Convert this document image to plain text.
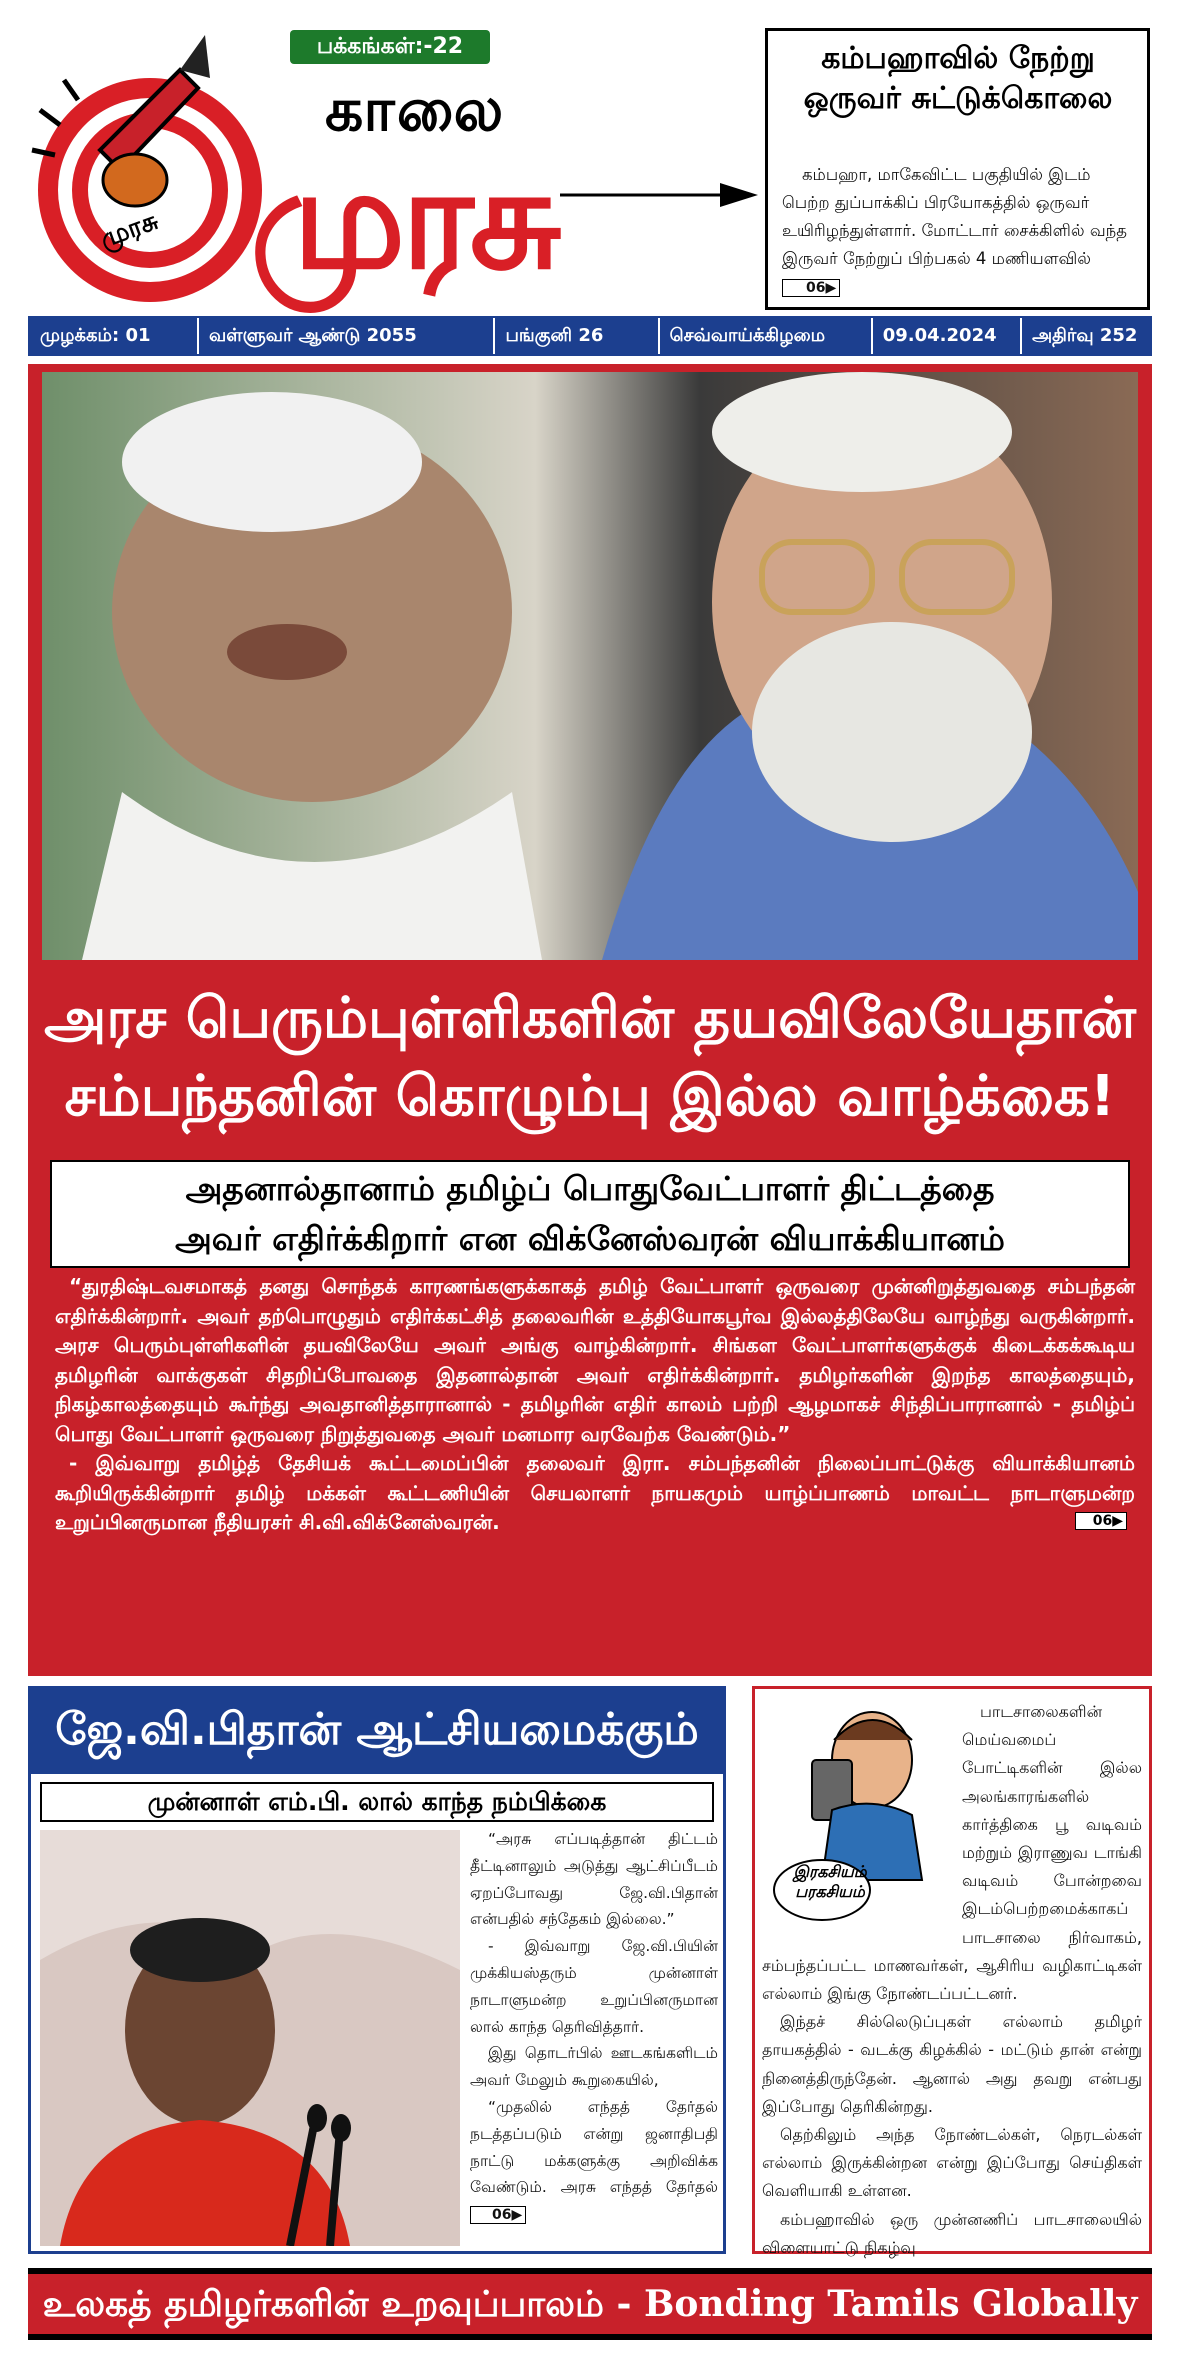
பக்கங்கள்:-22
முரசு
காலை
முரசு
கம்பஹாவில் நேற்று ஒருவர் சுட்டுக்கொலை
கம்பஹா, மாகேவிட்ட பகுதியில் இடம் பெற்ற துப்பாக்கிப் பிரயோகத்தில் ஒருவர் உயிரிழந்துள்ளார். மோட்டார் சைக்கிளில் வந்த இருவர் நேற்றுப் பிற்பகல் 4 மணியளவில் 06▶
முழக்கம்: 01	வள்ளுவர் ஆண்டு 2055	பங்குனி 26	செவ்வாய்க்கிழமை	09.04.2024	அதிர்வு 252
அரச பெரும்புள்ளிகளின் தயவிலேயேதான்
சம்பந்தனின் கொழும்பு இல்ல வாழ்க்கை!
அதனால்தானாம் தமிழ்ப் பொதுவேட்பாளர் திட்டத்தை
அவர் எதிர்க்கிறார் என விக்னேஸ்வரன் வியாக்கியானம்

“துரதிஷ்டவசமாகத் தனது சொந்தக் காரணங்களுக்காகத் தமிழ் வேட்பாளர் ஒருவரை முன்னிறுத்துவதை சம்பந்தன் எதிர்க்கின்றார். அவர் தற்பொழுதும் எதிர்க்கட்சித் தலைவரின் உத்தியோகபூர்வ இல்லத்திலேயே வாழ்ந்து வருகின்றார். அரச பெரும்புள்ளிகளின் தயவிலேயே அவர் அங்கு வாழ்கின்றார். சிங்கள வேட்பாளர்களுக்குக் கிடைக்கக்கூடிய தமிழரின் வாக்குகள் சிதறிப்போவதை இதனால்தான் அவர் எதிர்க்கின்றார். தமிழர்களின் இறந்த காலத்தையும், நிகழ்காலத்தையும் கூர்ந்து அவதானித்தாரானால் - தமிழரின் எதிர் காலம் பற்றி ஆழமாகச் சிந்திப்பாரானால் - தமிழ்ப் பொது வேட்பாளர் ஒருவரை நிறுத்துவதை அவர் மனமார வரவேற்க வேண்டும்.”

- இவ்வாறு தமிழ்த் தேசியக் கூட்டமைப்பின் தலைவர் இரா. சம்பந்தனின் நிலைப்பாட்டுக்கு வியாக்கியானம் கூறியிருக்கின்றார் தமிழ் மக்கள் கூட்டணியின் செயலாளர் நாயகமும் யாழ்ப்பாணம் மாவட்ட நாடாளுமன்ற உறுப்பினருமான நீதியரசர் சி.வி.விக்னேஸ்வரன்.	06▶

ஜே.வி.பிதான் ஆட்சியமைக்கும்
முன்னாள் எம்.பி. லால் காந்த நம்பிக்கை

“அரசு எப்படித்தான் திட்டம் தீட்டினாலும் அடுத்து ஆட்சிப்பீடம் ஏறப்போவது ஜே.வி.பிதான் என்பதில் சந்தேகம் இல்லை.”

- இவ்வாறு ஜே.வி.பியின் முக்கியஸ்தரும் முன்னாள் நாடாளுமன்ற உறுப்பினருமான லால் காந்த தெரிவித்தார்.

இது தொடர்பில் ஊடகங்களிடம் அவர் மேலும் கூறுகையில்,

“முதலில் எந்தத் தேர்தல் நடத்தப்படும் என்று ஜனாதிபதி நாட்டு மக்களுக்கு அறிவிக்க வேண்டும். அரசு எந்தத் தேர்தல் 06▶

பாடசாலைகளின் மெய்வமைப் போட்டிகளின் இல்ல அலங்காரங்களில் கார்த்திகை பூ வடிவம் மற்றும் இராணுவ டாங்கி வடிவம் போன்றவை இடம்பெற்றமைக்காகப் பாடசாலை நிர்வாகம், சம்பந்தப்பட்ட மாணவர்கள், ஆசிரிய வழிகாட்டிகள் எல்லாம் இங்கு நோண்டப்பட்டனர்.

இந்தச் சில்லெடுப்புகள் எல்லாம் தமிழர் தாயகத்தில் - வடக்கு கிழக்கில் - மட்டும் தான் என்று நினைத்திருந்தேன். ஆனால் அது தவறு என்பது இப்போது தெரிகின்றது.

தெற்கிலும் அந்த நோண்டல்கள், நெரடல்கள் எல்லாம் இருக்கின்றன என்று இப்போது செய்திகள் வெளியாகி உள்ளன.

கம்பஹாவில் ஒரு முன்னணிப் பாடசாலையில் விளையாட்டு நிகழ்வு

இரகசியம் பரகசியம்
உலகத் தமிழர்களின் உறவுப்பாலம் - Bonding Tamils Globally
